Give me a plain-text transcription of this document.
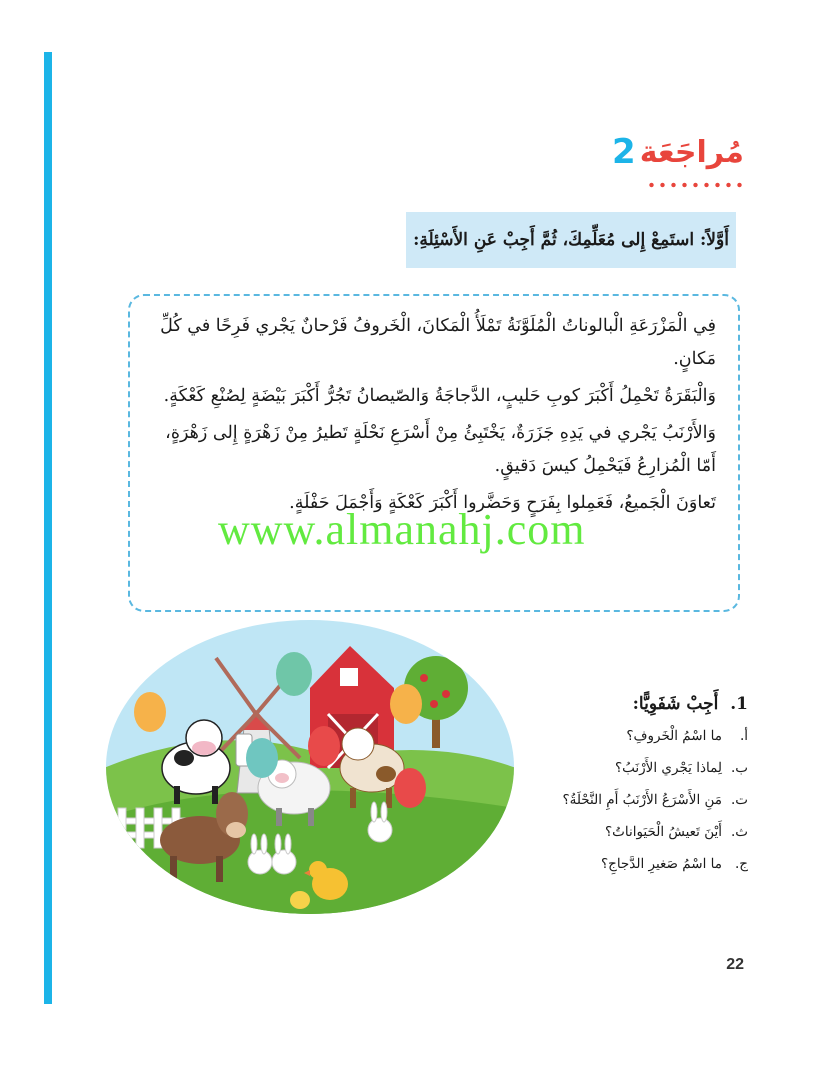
مُراجَعَة
2
أَوَّلاً: استَمِعْ إِلى مُعَلِّمِكَ، ثُمَّ أَجِبْ عَنِ الأَسْئِلَةِ:

فِي الْمَزْرَعَةِ الْبالوناتُ الْمُلَوَّنَةُ تَمْلَأُ الْمَكانَ، الْخَروفُ فَرْحانٌ يَجْري فَرِحًا في كُلِّ مَكانٍ.

وَالْبَقَرَةُ تَحْمِلُ أَكْبَرَ كوبِ حَليبٍ، الدَّجاجَةُ وَالصّيصانُ تَجُرُّ أَكْبَرَ بَيْضَةٍ لِصُنْعِ كَعْكَةٍ.

وَالأَرْنَبُ يَجْري في يَدِهِ جَزَرَةٌ، يَخْتَبِئُ مِنْ أَسْرَعِ نَحْلَةٍ تَطيرُ مِنْ زَهْرَةٍ إِلى زَهْرَةٍ، أَمّا الْمُزارِعُ فَيَحْمِلُ كيسَ دَقيقٍ.

تَعاوَنَ الْجَميعُ، فَعَمِلوا بِفَرَحٍ وَحَضَّروا أَكْبَرَ كَعْكَةٍ وَأَجْمَلَ حَفْلَةٍ.

www.almanahj.com
1. أَجِبْ شَفَوِيًّا:
أ.
ما اسْمُ الْخَروفِ؟
ب.
لِماذا يَجْري الأَرْنَبُ؟
ت.
مَنِ الأَسْرَعُ الأَرْنَبُ أَمِ النَّحْلَةُ؟
ث.
أَيْنَ تَعيشُ الْحَيَواناتُ؟
ج.
ما اسْمُ صَغيرِ الدَّجاجِ؟
22
